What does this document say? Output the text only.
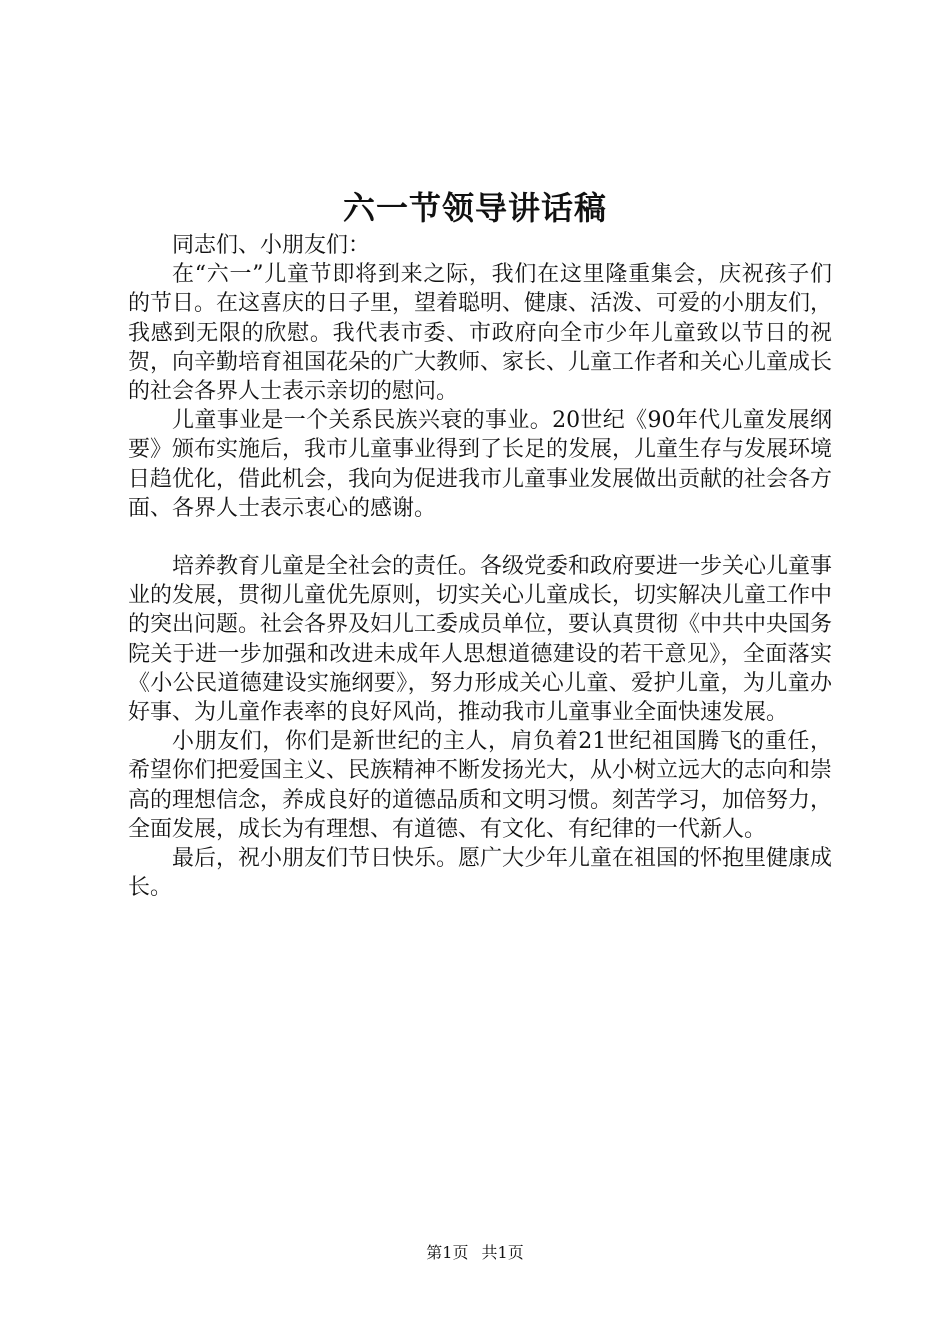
六一节领导讲话稿

同志们、小朋友们：

在“六一”儿童节即将到来之际，我们在这里隆重集会，庆祝孩子们的节日。在这喜庆的日子里，望着聪明、健康、活泼、可爱的小朋友们，我感到无限的欣慰。我代表市委、市政府向全市少年儿童致以节日的祝贺，向辛勤培育祖国花朵的广大教师、家长、儿童工作者和关心儿童成长的社会各界人士表示亲切的慰问。

儿童事业是一个关系民族兴衰的事业。20世纪《90年代儿童发展纲要》颁布实施后，我市儿童事业得到了长足的发展，儿童生存与发展环境日趋优化，借此机会，我向为促进我市儿童事业发展做出贡献的社会各方面、各界人士表示衷心的感谢。

培养教育儿童是全社会的责任。各级党委和政府要进一步关心儿童事业的发展，贯彻儿童优先原则，切实关心儿童成长，切实解决儿童工作中的突出问题。社会各界及妇儿工委成员单位，要认真贯彻《中共中央国务院关于进一步加强和改进未成年人思想道德建设的若干意见》，全面落实《小公民道德建设实施纲要》，努力形成关心儿童、爱护儿童，为儿童办好事、为儿童作表率的良好风尚，推动我市儿童事业全面快速发展。

小朋友们，你们是新世纪的主人，肩负着21世纪祖国腾飞的重任，希望你们把爱国主义、民族精神不断发扬光大，从小树立远大的志向和崇高的理想信念，养成良好的道德品质和文明习惯。刻苦学习，加倍努力，全面发展，成长为有理想、有道德、有文化、有纪律的一代新人。

最后，祝小朋友们节日快乐。愿广大少年儿童在祖国的怀抱里健康成长。

第1页 共1页
